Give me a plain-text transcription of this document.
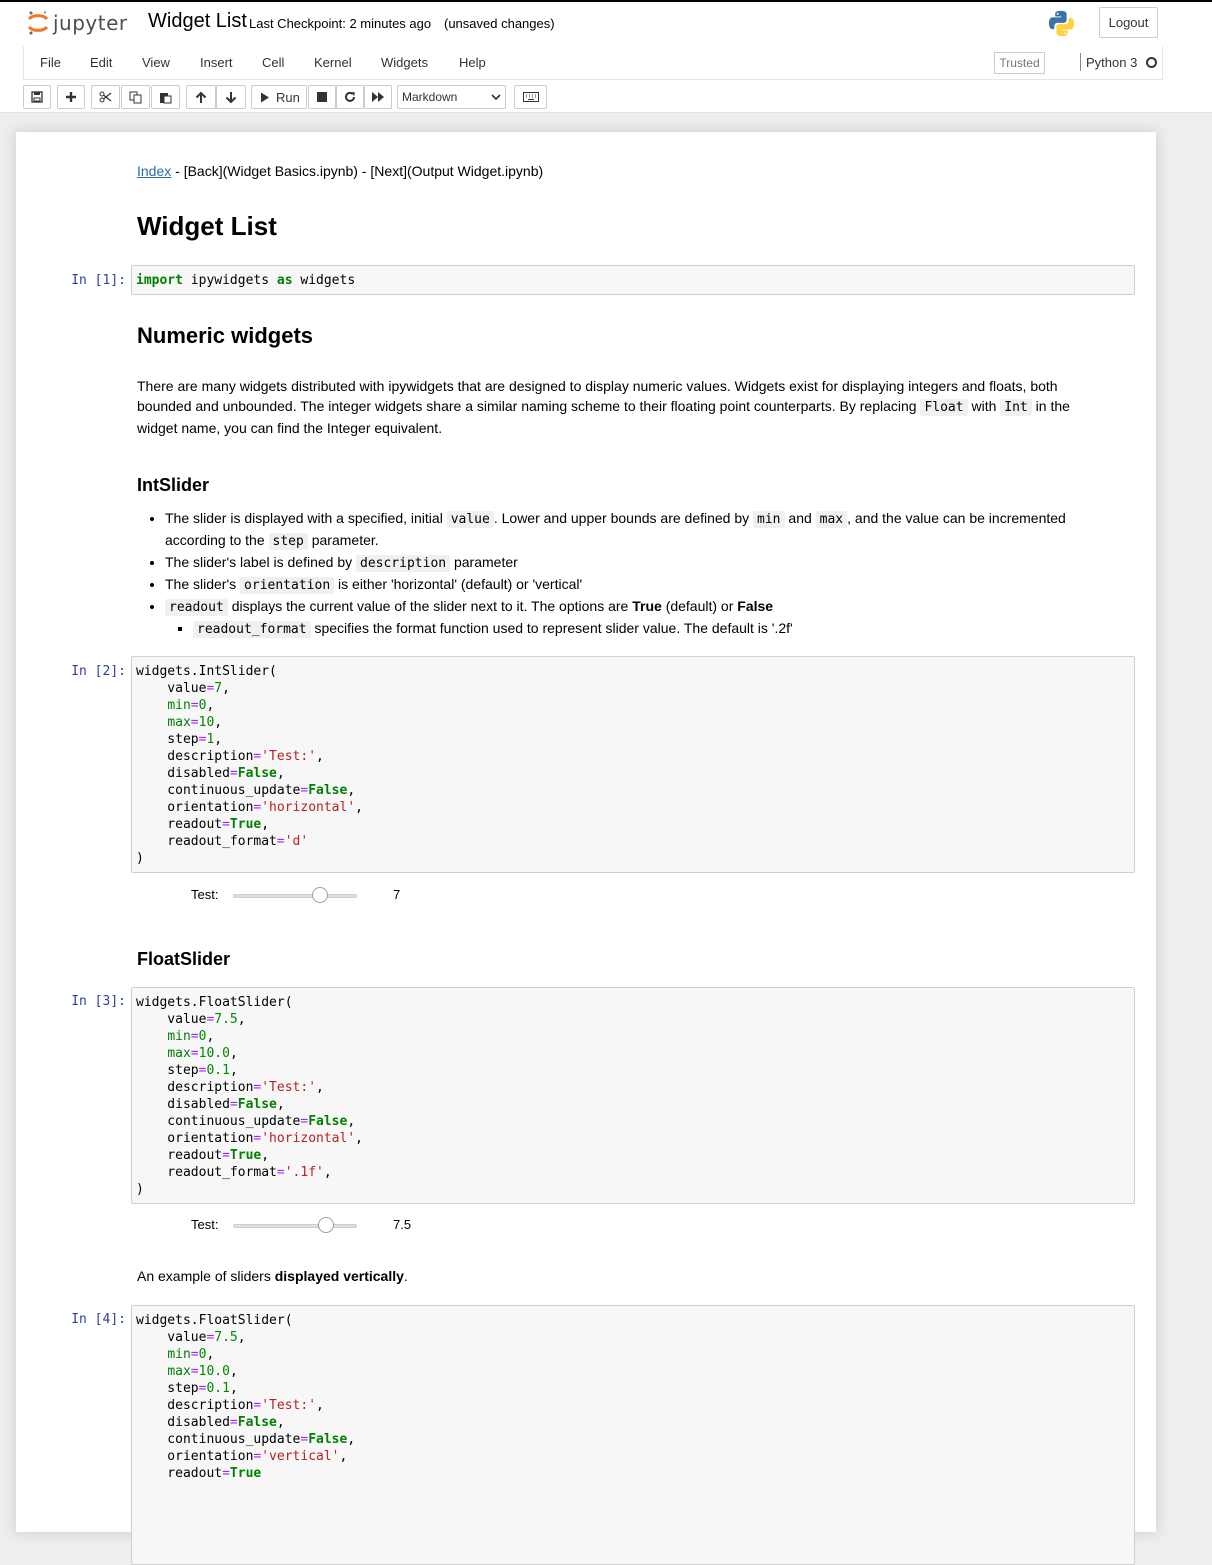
jupyter Widget List Last Checkpoint: 2 minutes ago (unsaved changes)	Logout
File Edit View Insert Cell Kernel Widgets Help	Trusted	Python 3
Run	Markdown
Index - [Back](Widget Basics.ipynb) - [Next](Output Widget.ipynb)
Widget List
In [1]: import ipywidgets as widgets
Numeric widgets
There are many widgets distributed with ipywidgets that are designed to display numeric values. Widgets exist for displaying integers and floats, both bounded and unbounded. The integer widgets share a similar naming scheme to their floating point counterparts. By replacing Float with Int in the widget name, you can find the Integer equivalent.
IntSlider
• The slider is displayed with a specified, initial value . Lower and upper bounds are defined by min and max , and the value can be incremented according to the step parameter.
• The slider's label is defined by description parameter
• The slider's orientation is either 'horizontal' (default) or 'vertical'
• readout displays the current value of the slider next to it. The options are True (default) or False
▪ readout_format specifies the format function used to represent slider value. The default is '.2f'
In [2]: widgets.IntSlider(
value=7,
min=0,
max=10,
step=1,
description='Test:',
disabled=False,
continuous_update=False,
orientation='horizontal',
readout=True,
readout_format='d'
)
Test:	7
FloatSlider
In [3]: widgets.FloatSlider(
value=7.5,
min=0,
max=10.0,
step=0.1,
description='Test:',
disabled=False,
continuous_update=False,
orientation='horizontal',
readout=True,
readout_format='.1f',
)
Test:	7.5
An example of sliders displayed vertically.
In [4]: widgets.FloatSlider(
value=7.5,
min=0,
max=10.0,
step=0.1,
description='Test:',
disabled=False,
continuous_update=False,
orientation='vertical',
readout=True
